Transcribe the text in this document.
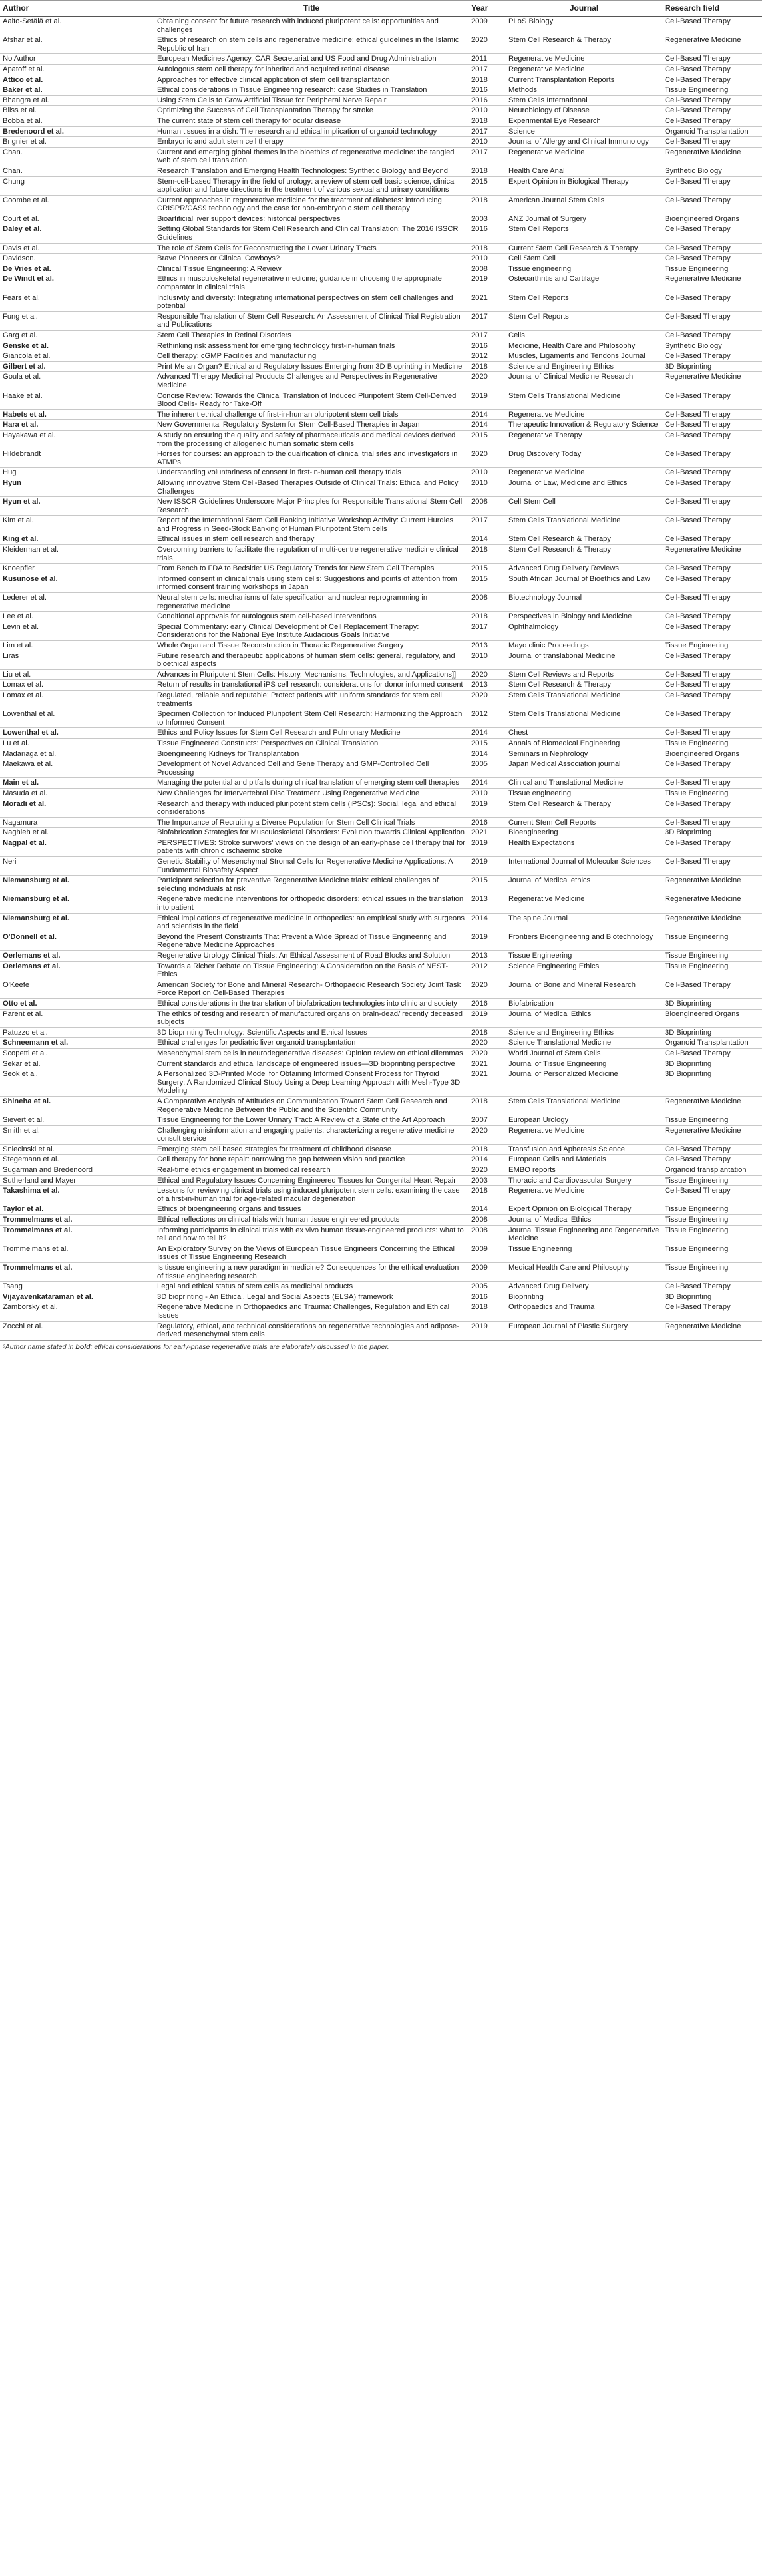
Author	Title	Year	Journal	Research field
Aalto-Setälä et al.	Obtaining consent for future research with induced pluripotent cells: opportunities and challenges	2009	PLoS Biology	Cell-Based Therapy
Afshar et al.	Ethics of research on stem cells and regenerative medicine: ethical guidelines in the Islamic Republic of Iran	2020	Stem Cell Research & Therapy	Regenerative Medicine
No Author	European Medicines Agency, CAR Secretariat and US Food and Drug Administration	2011	Regenerative Medicine	Cell-Based Therapy
Apatoff et al.	Autologous stem cell therapy for inherited and acquired retinal disease	2017	Regenerative Medicine	Cell-Based Therapy
Attico et al.	Approaches for effective clinical application of stem cell transplantation	2018	Current Transplantation Reports	Cell-Based Therapy
Baker et al.	Ethical considerations in Tissue Engineering research: case Studies in Translation	2016	Methods	Tissue Engineering
Bhangra et al.	Using Stem Cells to Grow Artificial Tissue for Peripheral Nerve Repair	2016	Stem Cells International	Cell-Based Therapy
Bliss et al.	Optimizing the Success of Cell Transplantation Therapy for stroke	2010	Neurobiology of Disease	Cell-Based Therapy
Bobba et al.	The current state of stem cell therapy for ocular disease	2018	Experimental Eye Research	Cell-Based Therapy
Bredenoord et al.	Human tissues in a dish: The research and ethical implication of organoid technology	2017	Science	Organoid Transplantation
Brignier et al.	Embryonic and adult stem cell therapy	2010	Journal of Allergy and Clinical Immunology	Cell-Based Therapy
Chan.	Current and emerging global themes in the bioethics of regenerative medicine: the tangled web of stem cell translation	2017	Regenerative Medicine	Regenerative Medicine
Chan.	Research Translation and Emerging Health Technologies: Synthetic Biology and Beyond	2018	Health Care Anal	Synthetic Biology
Chung	Stem-cell-based Therapy in the field of urology: a review of stem cell basic science, clinical application and future directions in the treatment of various sexual and urinary conditions	2015	Expert Opinion in Biological Therapy	Cell-Based Therapy
Coombe et al.	Current approaches in regenerative medicine for the treatment of diabetes: introducing CRISPR/CAS9 technology and the case for non-embryonic stem cell therapy	2018	American Journal Stem Cells	Cell-Based Therapy
Court et al.	Bioartificial liver support devices: historical perspectives	2003	ANZ Journal of Surgery	Bioengineered Organs
Daley et al.	Setting Global Standards for Stem Cell Research and Clinical Translation: The 2016 ISSCR Guidelines	2016	Stem Cell Reports	Cell-Based Therapy
Davis et al.	The role of Stem Cells for Reconstructing the Lower Urinary Tracts	2018	Current Stem Cell Research & Therapy	Cell-Based Therapy
Davidson.	Brave Pioneers or Clinical Cowboys?	2010	Cell Stem Cell	Cell-Based Therapy
De Vries et al.	Clinical Tissue Engineering: A Review	2008	Tissue engineering	Tissue Engineering
De Windt et al.	Ethics in musculoskeletal regenerative medicine; guidance in choosing the appropriate comparator in clinical trials	2019	Osteoarthritis and Cartilage	Regenerative Medicine
Fears et al.	Inclusivity and diversity: Integrating international perspectives on stem cell challenges and potential	2021	Stem Cell Reports	Cell-Based Therapy
Fung et al.	Responsible Translation of Stem Cell Research: An Assessment of Clinical Trial Registration and Publications	2017	Stem Cell Reports	Cell-Based Therapy
Garg et al.	Stem Cell Therapies in Retinal Disorders	2017	Cells	Cell-Based Therapy
Genske et al.	Rethinking risk assessment for emerging technology first-in-human trials	2016	Medicine, Health Care and Philosophy	Synthetic Biology
Giancola et al.	Cell therapy: cGMP Facilities and manufacturing	2012	Muscles, Ligaments and Tendons Journal	Cell-Based Therapy
Gilbert et al.	Print Me an Organ? Ethical and Regulatory Issues Emerging from 3D Bioprinting in Medicine	2018	Science and Engineering Ethics	3D Bioprinting
Goula et al.	Advanced Therapy Medicinal Products Challenges and Perspectives in Regenerative Medicine	2020	Journal of Clinical Medicine Research	Regenerative Medicine
Haake et al.	Concise Review: Towards the Clinical Translation of Induced Pluripotent Stem Cell-Derived Blood Cells- Ready for Take-Off	2019	Stem Cells Translational Medicine	Cell-Based Therapy
Habets et al.	The inherent ethical challenge of first-in-human pluripotent stem cell trials	2014	Regenerative Medicine	Cell-Based Therapy
Hara et al.	New Governmental Regulatory System for Stem Cell-Based Therapies in Japan	2014	Therapeutic Innovation & Regulatory Science	Cell-Based Therapy
Hayakawa et al.	A study on ensuring the quality and safety of pharmaceuticals and medical devices derived from the processing of allogeneic human somatic stem cells	2015	Regenerative Therapy	Cell-Based Therapy
Hildebrandt	Horses for courses: an approach to the qualification of clinical trial sites and investigators in ATMPs	2020	Drug Discovery Today	Cell-Based Therapy
Hug	Understanding voluntariness of consent in first-in-human cell therapy trials	2010	Regenerative Medicine	Cell-Based Therapy
Hyun	Allowing innovative Stem Cell-Based Therapies Outside of Clinical Trials: Ethical and Policy Challenges	2010	Journal of Law, Medicine and Ethics	Cell-Based Therapy
Hyun et al.	New ISSCR Guidelines Underscore Major Principles for Responsible Translational Stem Cell Research	2008	Cell Stem Cell	Cell-Based Therapy
Kim et al.	Report of the International Stem Cell Banking Initiative Workshop Activity: Current Hurdles and Progress in Seed-Stock Banking of Human Pluripotent Stem cells	2017	Stem Cells Translational Medicine	Cell-Based Therapy
King et al.	Ethical issues in stem cell research and therapy	2014	Stem Cell Research & Therapy	Cell-Based Therapy
Kleiderman et al.	Overcoming barriers to facilitate the regulation of multi-centre regenerative medicine clinical trials	2018	Stem Cell Research & Therapy	Regenerative Medicine
Knoepfler	From Bench to FDA to Bedside: US Regulatory Trends for New Stem Cell Therapies	2015	Advanced Drug Delivery Reviews	Cell-Based Therapy
Kusunose et al.	Informed consent in clinical trials using stem cells: Suggestions and points of attention from informed consent training workshops in Japan	2015	South African Journal of Bioethics and Law	Cell-Based Therapy
Lederer et al.	Neural stem cells: mechanisms of fate specification and nuclear reprogramming in regenerative medicine	2008	Biotechnology Journal	Cell-Based Therapy
Lee et al.	Conditional approvals for autologous stem cell-based interventions	2018	Perspectives in Biology and Medicine	Cell-Based Therapy
Levin et al.	Special Commentary: early Clinical Development of Cell Replacement Therapy: Considerations for the National Eye Institute Audacious Goals Initiative	2017	Ophthalmology	Cell-Based Therapy
Lim et al.	Whole Organ and Tissue Reconstruction in Thoracic Regenerative Surgery	2013	Mayo clinic Proceedings	Tissue Engineering
Liras	Future research and therapeutic applications of human stem cells: general, regulatory, and bioethical aspects	2010	Journal of translational Medicine	Cell-Based Therapy
Liu et al.	Advances in Pluripotent Stem Cells: History, Mechanisms, Technologies, and Applications]]	2020	Stem Cell Reviews and Reports	Cell-Based Therapy
Lomax et al.	Return of results in translational iPS cell research: considerations for donor informed consent	2013	Stem Cell Research & Therapy	Cell-Based Therapy
Lomax et al.	Regulated, reliable and reputable: Protect patients with uniform standards for stem cell treatments	2020	Stem Cells Translational Medicine	Cell-Based Therapy
Lowenthal et al.	Specimen Collection for Induced Pluripotent Stem Cell Research: Harmonizing the Approach to Informed Consent	2012	Stem Cells Translational Medicine	Cell-Based Therapy
Lowenthal et al.	Ethics and Policy Issues for Stem Cell Research and Pulmonary Medicine	2014	Chest	Cell-Based Therapy
Lu et al.	Tissue Engineered Constructs: Perspectives on Clinical Translation	2015	Annals of Biomedical Engineering	Tissue Engineering
Madariaga et al.	Bioengineering Kidneys for Transplantation	2014	Seminars in Nephrology	Bioengineered Organs
Maekawa et al.	Development of Novel Advanced Cell and Gene Therapy and GMP-Controlled Cell Processing	2005	Japan Medical Association journal	Cell-Based Therapy
Main et al.	Managing the potential and pitfalls during clinical translation of emerging stem cell therapies	2014	Clinical and Translational Medicine	Cell-Based Therapy
Masuda et al.	New Challenges for Intervertebral Disc Treatment Using Regenerative Medicine	2010	Tissue engineering	Tissue Engineering
Moradi et al.	Research and therapy with induced pluripotent stem cells (iPSCs): Social, legal and ethical considerations	2019	Stem Cell Research & Therapy	Cell-Based Therapy
Nagamura	The Importance of Recruiting a Diverse Population for Stem Cell Clinical Trials	2016	Current Stem Cell Reports	Cell-Based Therapy
Naghieh et al.	Biofabrication Strategies for Musculoskeletal Disorders: Evolution towards Clinical Application	2021	Bioengineering	3D Bioprinting
Nagpal et al.	PERSPECTIVES: Stroke survivors' views on the design of an early-phase cell therapy trial for patients with chronic ischaemic stroke	2019	Health Expectations	Cell-Based Therapy
Neri	Genetic Stability of Mesenchymal Stromal Cells for Regenerative Medicine Applications: A Fundamental Biosafety Aspect	2019	International Journal of Molecular Sciences	Cell-Based Therapy
Niemansburg et al.	Participant selection for preventive Regenerative Medicine trials: ethical challenges of selecting individuals at risk	2015	Journal of Medical ethics	Regenerative Medicine
Niemansburg et al.	Regenerative medicine interventions for orthopedic disorders: ethical issues in the translation into patient	2013	Regenerative Medicine	Regenerative Medicine
Niemansburg et al.	Ethical implications of regenerative medicine in orthopedics: an empirical study with surgeons and scientists in the field	2014	The spine Journal	Regenerative Medicine
O'Donnell et al.	Beyond the Present Constraints That Prevent a Wide Spread of Tissue Engineering and Regenerative Medicine Approaches	2019	Frontiers Bioengineering and Biotechnology	Tissue Engineering
Oerlemans et al.	Regenerative Urology Clinical Trials: An Ethical Assessment of Road Blocks and Solution	2013	Tissue Engineering	Tissue Engineering
Oerlemans et al.	Towards a Richer Debate on Tissue Engineering: A Consideration on the Basis of NEST-Ethics	2012	Science Engineering Ethics	Tissue Engineering
O'Keefe	American Society for Bone and Mineral Research- Orthopaedic Research Society Joint Task Force Report on Cell-Based Therapies	2020	Journal of Bone and Mineral Research	Cell-Based Therapy
Otto et al.	Ethical considerations in the translation of biofabrication technologies into clinic and society	2016	Biofabrication	3D Bioprinting
Parent et al.	The ethics of testing and research of manufactured organs on brain-dead/ recently deceased subjects	2019	Journal of Medical Ethics	Bioengineered Organs
Patuzzo et al.	3D bioprinting Technology: Scientific Aspects and Ethical Issues	2018	Science and Engineering Ethics	3D Bioprinting
Schneemann et al.	Ethical challenges for pediatric liver organoid transplantation	2020	Science Translational Medicine	Organoid Transplantation
Scopetti et al.	Mesenchymal stem cells in neurodegenerative diseases: Opinion review on ethical dilemmas	2020	World Journal of Stem Cells	Cell-Based Therapy
Sekar et al.	Current standards and ethical landscape of engineered issues—3D bioprinting perspective	2021	Journal of Tissue Engineering	3D Bioprinting
Seok et al.	A Personalized 3D-Printed Model for Obtaining Informed Consent Process for Thyroid Surgery: A Randomized Clinical Study Using a Deep Learning Approach with Mesh-Type 3D Modeling	2021	Journal of Personalized Medicine	3D Bioprinting
Shineha et al.	A Comparative Analysis of Attitudes on Communication Toward Stem Cell Research and Regenerative Medicine Between the Public and the Scientific Community	2018	Stem Cells Translational Medicine	Regenerative Medicine
Sievert et al.	Tissue Engineering for the Lower Urinary Tract: A Review of a State of the Art Approach	2007	European Urology	Tissue Engineering
Smith et al.	Challenging misinformation and engaging patients: characterizing a regenerative medicine consult service	2020	Regenerative Medicine	Regenerative Medicine
Sniecinski et al.	Emerging stem cell based strategies for treatment of childhood disease	2018	Transfusion and Apheresis Science	Cell-Based Therapy
Stegemann et al.	Cell therapy for bone repair: narrowing the gap between vision and practice	2014	European Cells and Materials	Cell-Based Therapy
Sugarman and Bredenoord	Real-time ethics engagement in biomedical research	2020	EMBO reports	Organoid transplantation
Sutherland and Mayer	Ethical and Regulatory Issues Concerning Engineered Tissues for Congenital Heart Repair	2003	Thoracic and Cardiovascular Surgery	Tissue Engineering
Takashima et al.	Lessons for reviewing clinical trials using induced pluripotent stem cells: examining the case of a first-in-human trial for age-related macular degeneration	2018	Regenerative Medicine	Cell-Based Therapy
Taylor et al.	Ethics of bioengineering organs and tissues	2014	Expert Opinion on Biological Therapy	Tissue Engineering
Trommelmans et al.	Ethical reflections on clinical trials with human tissue engineered products	2008	Journal of Medical Ethics	Tissue Engineering
Trommelmans et al.	Informing participants in clinical trials with ex vivo human tissue-engineered products: what to tell and how to tell it?	2008	Journal Tissue Engineering and Regenerative Medicine	Tissue Engineering
Trommelmans et al.	An Exploratory Survey on the Views of European Tissue Engineers Concerning the Ethical Issues of Tissue Engineering Research	2009	Tissue Engineering	Tissue Engineering
Trommelmans et al.	Is tissue engineering a new paradigm in medicine? Consequences for the ethical evaluation of tissue engineering research	2009	Medical Health Care and Philosophy	Tissue Engineering
Tsang	Legal and ethical status of stem cells as medicinal products	2005	Advanced Drug Delivery	Cell-Based Therapy
Vijayavenkataraman et al.	3D bioprinting - An Ethical, Legal and Social Aspects (ELSA) framework	2016	Bioprinting	3D Bioprinting
Zamborsky et al.	Regenerative Medicine in Orthopaedics and Trauma: Challenges, Regulation and Ethical Issues	2018	Orthopaedics and Trauma	Cell-Based Therapy
Zocchi et al.	Regulatory, ethical, and technical considerations on regenerative technologies and adipose-derived mesenchymal stem cells	2019	European Journal of Plastic Surgery	Regenerative Medicine
ᵃAuthor name stated in bold: ethical considerations for early-phase regenerative trials are elaborately discussed in the paper.
